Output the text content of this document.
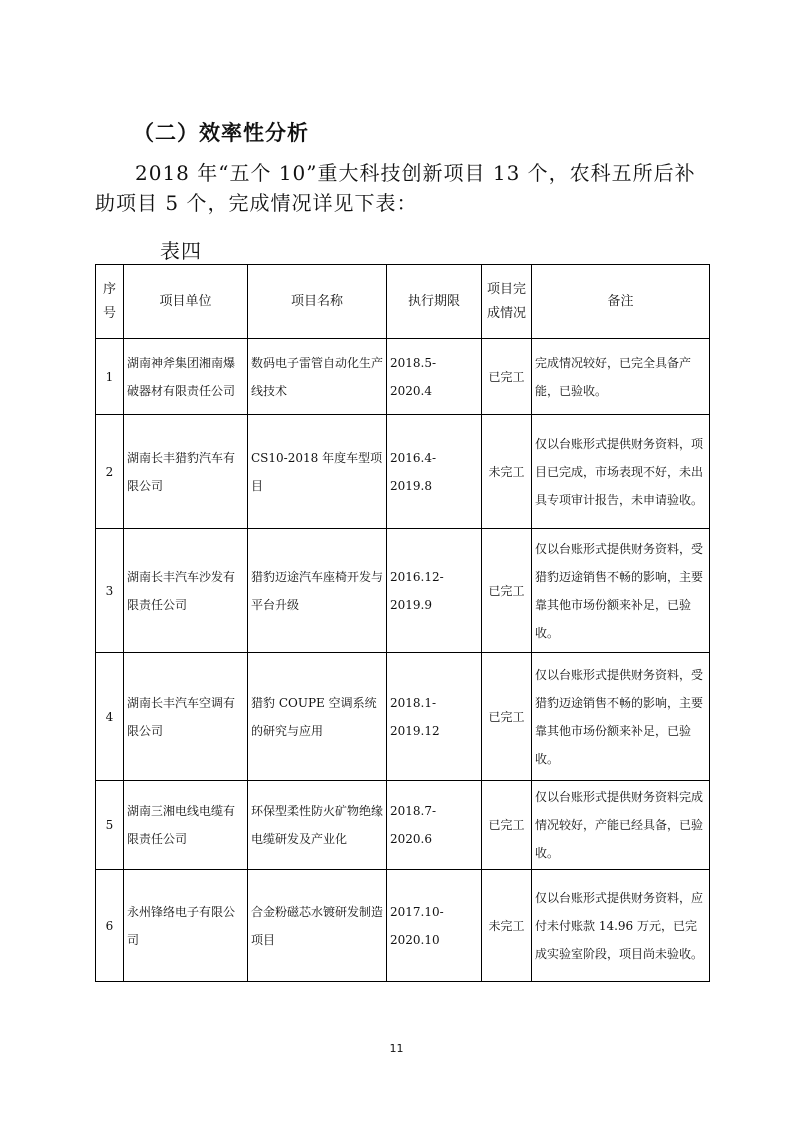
（二）效率性分析
2018 年“五个 10”重大科技创新项目 13 个，农科五所后补助项目 5 个，完成情况详见下表：
表四
序号	项目单位	项目名称	执行期限	项目完成情况	备注
1	湖南神斧集团湘南爆破器材有限责任公司	数码电子雷管自动化生产线技术	2018.5-2020.4	已完工	完成情况较好，已完全具备产能，已验收。
2	湖南长丰猎豹汽车有限公司	CS10-2018 年度车型项目	2016.4-2019.8	未完工	仅以台账形式提供财务资料，项目已完成，市场表现不好，未出具专项审计报告，未申请验收。
3	湖南长丰汽车沙发有限责任公司	猎豹迈途汽车座椅开发与平台升级	2016.12-2019.9	已完工	仅以台账形式提供财务资料，受猎豹迈途销售不畅的影响，主要靠其他市场份额来补足，已验收。
4	湖南长丰汽车空调有限公司	猎豹 COUPE 空调系统的研究与应用	2018.1-2019.12	已完工	仅以台账形式提供财务资料，受猎豹迈途销售不畅的影响，主要靠其他市场份额来补足，已验收。
5	湖南三湘电线电缆有限责任公司	环保型柔性防火矿物绝缘电缆研发及产业化	2018.7-2020.6	已完工	仅以台账形式提供财务资料完成情况较好，产能已经具备，已验收。
6	永州锋络电子有限公司	合金粉磁芯水镀研发制造项目	2017.10-2020.10	未完工	仅以台账形式提供财务资料，应付未付账款 14.96 万元，已完成实验室阶段，项目尚未验收。
11
